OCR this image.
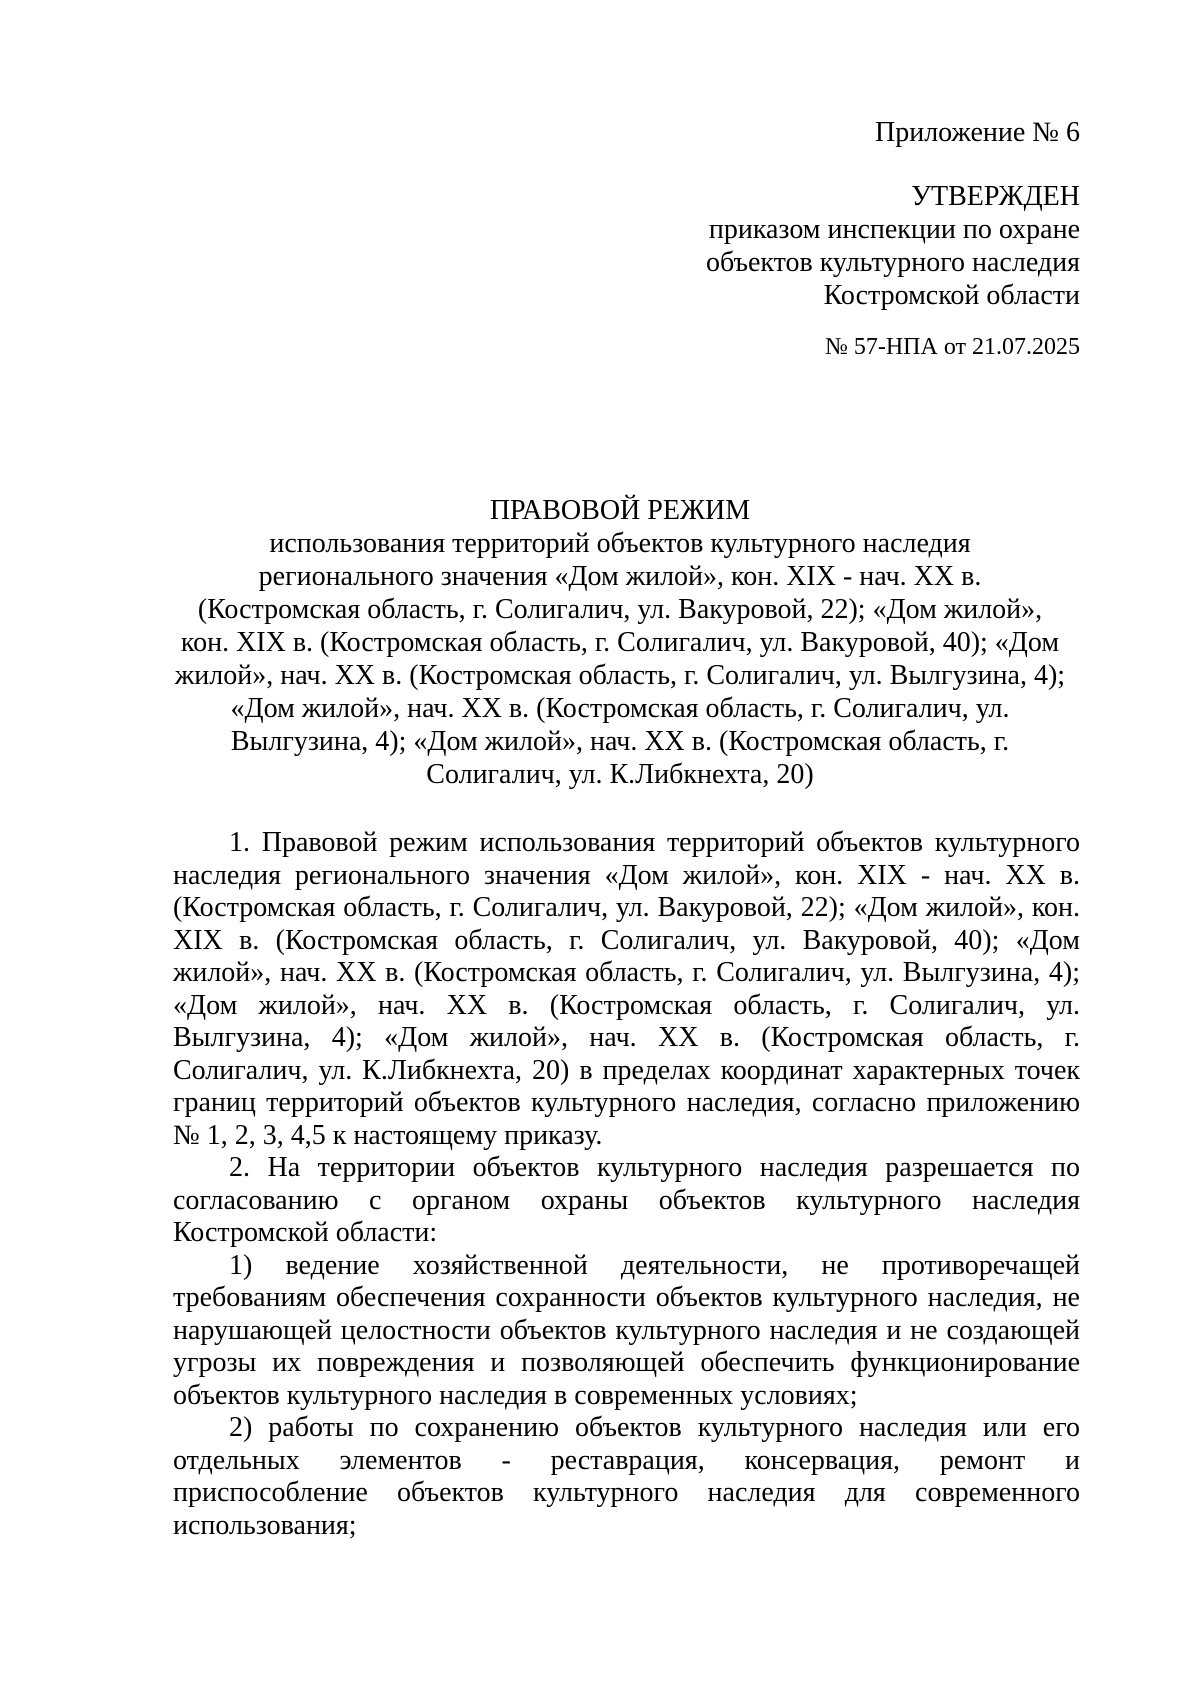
Приложение № 6
УТВЕРЖДЕН
приказом инспекции по охране
объектов культурного наследия
Костромской области
№ 57-НПА от 21.07.2025
ПРАВОВОЙ РЕЖИМ
использования территорий объектов культурного наследия
регионального значения «Дом жилой», кон. XIX - нач. XX в.
(Костромская область, г. Солигалич, ул. Вакуровой, 22); «Дом жилой»,
кон. XIX в. (Костромская область, г. Солигалич, ул. Вакуровой, 40); «Дом
жилой», нач. XX в. (Костромская область, г. Солигалич, ул. Вылгузина, 4);
«Дом жилой», нач. XX в. (Костромская область, г. Солигалич, ул.
Вылгузина, 4); «Дом жилой», нач. XX в. (Костромская область, г.
Солигалич, ул. К.Либкнехта, 20)

1. Правовой режим использования территорий объектов культурного наследия регионального значения «Дом жилой», кон. XIX - нач. XX в. (Костромская область, г. Солигалич, ул. Вакуровой, 22); «Дом жилой», кон. XIX в. (Костромская область, г. Солигалич, ул. Вакуровой, 40); «Дом жилой», нач. XX в. (Костромская область, г. Солигалич, ул. Вылгузина, 4); «Дом жилой», нач. XX в. (Костромская область, г. Солигалич, ул. Вылгузина, 4); «Дом жилой», нач. XX в. (Костромская область, г. Солигалич, ул. К.Либкнехта, 20) в пределах координат характерных точек границ территорий объектов культурного наследия, согласно приложению № 1, 2, 3, 4,5 к настоящему приказу.

2. На территории объектов культурного наследия разрешается по согласованию с органом охраны объектов культурного наследия Костромской области:

1) ведение хозяйственной деятельности, не противоречащей требованиям обеспечения сохранности объектов культурного наследия, не нарушающей целостности объектов культурного наследия и не создающей угрозы их повреждения и позволяющей обеспечить функционирование объектов культурного наследия в современных условиях;

2) работы по сохранению объектов культурного наследия или его отдельных элементов - реставрация, консервация, ремонт и приспособление объектов культурного наследия для современного использования;
